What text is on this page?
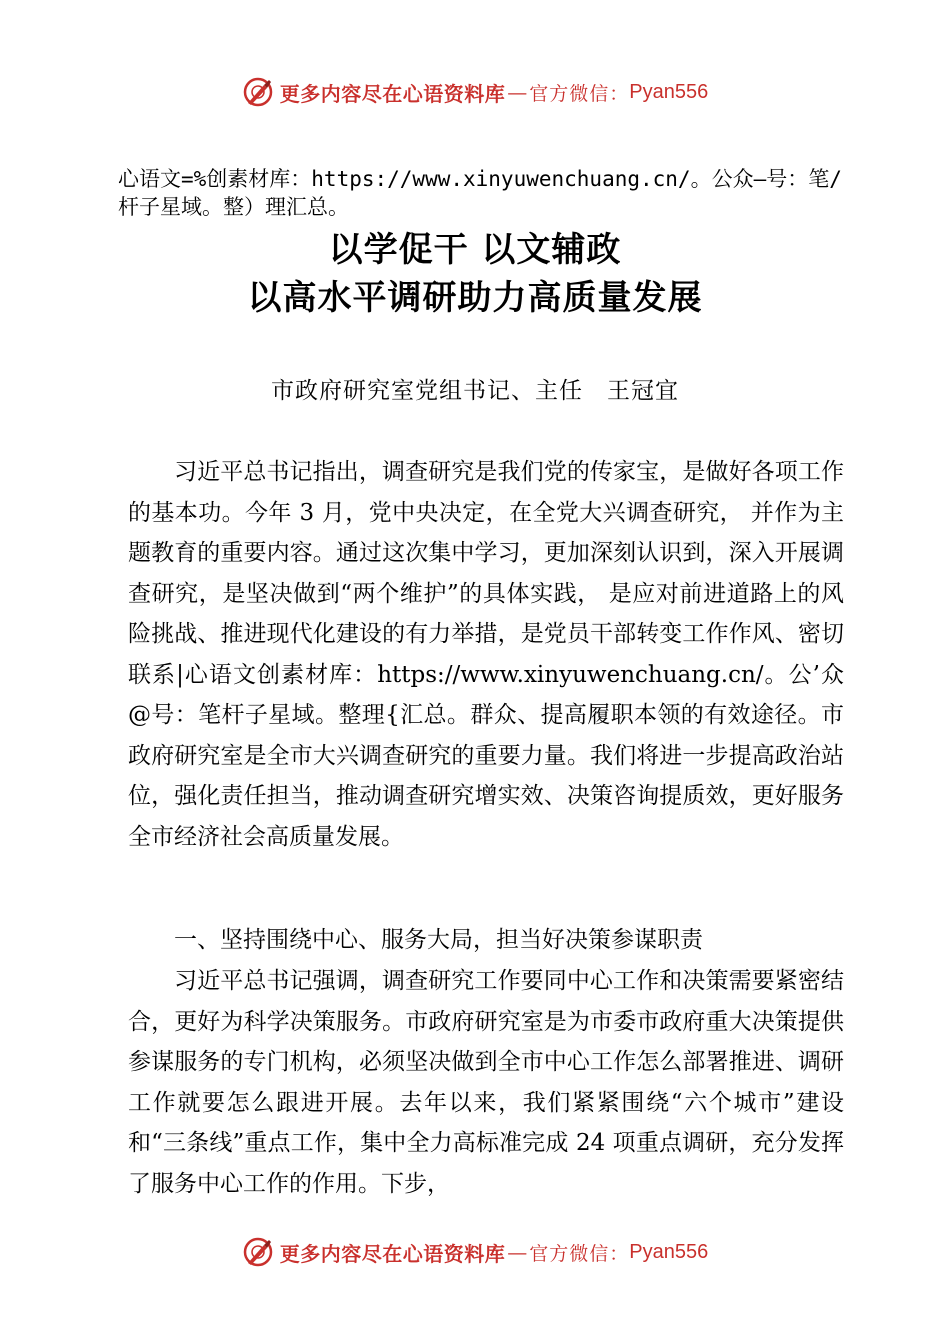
更多内容尽在心语资料库 — 官方微信： Pyan556
心语文=%创素材库：https://www.xinyuwenchuang.cn/。公众—号：笔/杆子星域。整）理汇总。
以学促干 以文辅政
以高水平调研助力高质量发展
市政府研究室党组书记、主任　王冠宜

习近平总书记指出，调查研究是我们党的传家宝，是做好各项工作的基本功。今年 3 月，党中央决定，在全党大兴调查研究， 并作为主题教育的重要内容。通过这次集中学习，更加深刻认识到，深入开展调查研究，是坚决做到“两个维护”的具体实践， 是应对前进道路上的风险挑战、推进现代化建设的有力举措，是党员干部转变工作作风、密切联系|心语文创素材库：https://www.xinyuwenchuang.cn/。公’众@号：笔杆子星域。整理{汇总。群众、提高履职本领的有效途径。市政府研究室是全市大兴调查研究的重要力量。我们将进一步提高政治站位，强化责任担当，推动调查研究增实效、决策咨询提质效，更好服务全市经济社会高质量发展。

一、坚持围绕中心、服务大局，担当好决策参谋职责

习近平总书记强调，调查研究工作要同中心工作和决策需要紧密结合，更好为科学决策服务。市政府研究室是为市委市政府重大决策提供参谋服务的专门机构，必须坚决做到全市中心工作怎么部署推进、调研工作就要怎么跟进开展。去年以来，我们紧紧围绕“六个城市”建设和“三条线”重点工作，集中全力高标准完成 24 项重点调研，充分发挥了服务中心工作的作用。下步，

更多内容尽在心语资料库 — 官方微信： Pyan556
